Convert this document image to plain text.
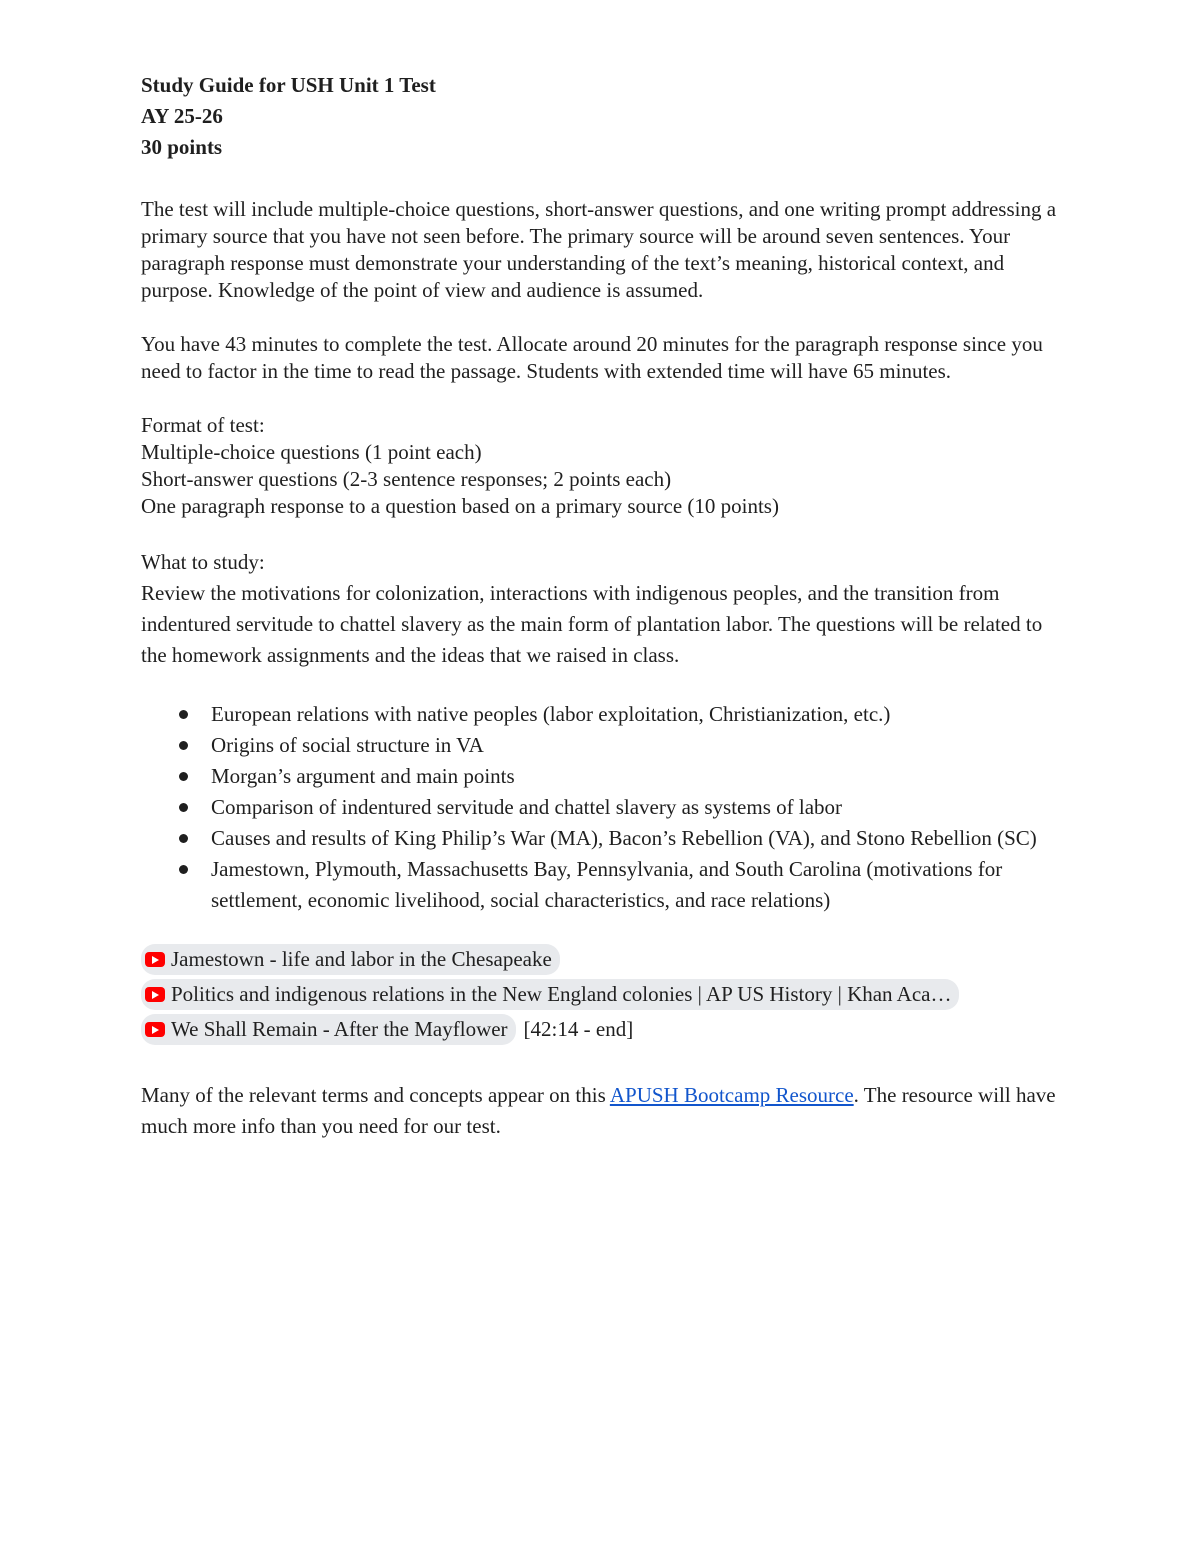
Study Guide for USH Unit 1 Test

AY 25-26

30 points

The test will include multiple-choice questions, short-answer questions, and one writing prompt addressing a primary source that you have not seen before. The primary source will be around seven sentences. Your paragraph response must demonstrate your understanding of the text’s meaning, historical context, and purpose. Knowledge of the point of view and audience is assumed.

You have 43 minutes to complete the test. Allocate around 20 minutes for the paragraph response since you need to factor in the time to read the passage. Students with extended time will have 65 minutes.

Format of test:

Multiple-choice questions (1 point each)

Short-answer questions (2-3 sentence responses; 2 points each)

One paragraph response to a question based on a primary source (10 points)

What to study:

Review the motivations for colonization, interactions with indigenous peoples, and the transition from indentured servitude to chattel slavery as the main form of plantation labor. The questions will be related to the homework assignments and the ideas that we raised in class.

European relations with native peoples (labor exploitation, Christianization, etc.)
Origins of social structure in VA
Morgan’s argument and main points
Comparison of indentured servitude and chattel slavery as systems of labor
Causes and results of King Philip’s War (MA), Bacon’s Rebellion (VA), and Stono Rebellion (SC)
Jamestown, Plymouth, Massachusetts Bay, Pennsylvania, and South Carolina (motivations for settlement, economic livelihood, social characteristics, and race relations)
Jamestown - life and labor in the Chesapeake
Politics and indigenous relations in the New England colonies | AP US History | Khan Aca…
We Shall Remain - After the Mayflower [42:14 - end]

Many of the relevant terms and concepts appear on this APUSH Bootcamp Resource. The resource will have much more info than you need for our test.
